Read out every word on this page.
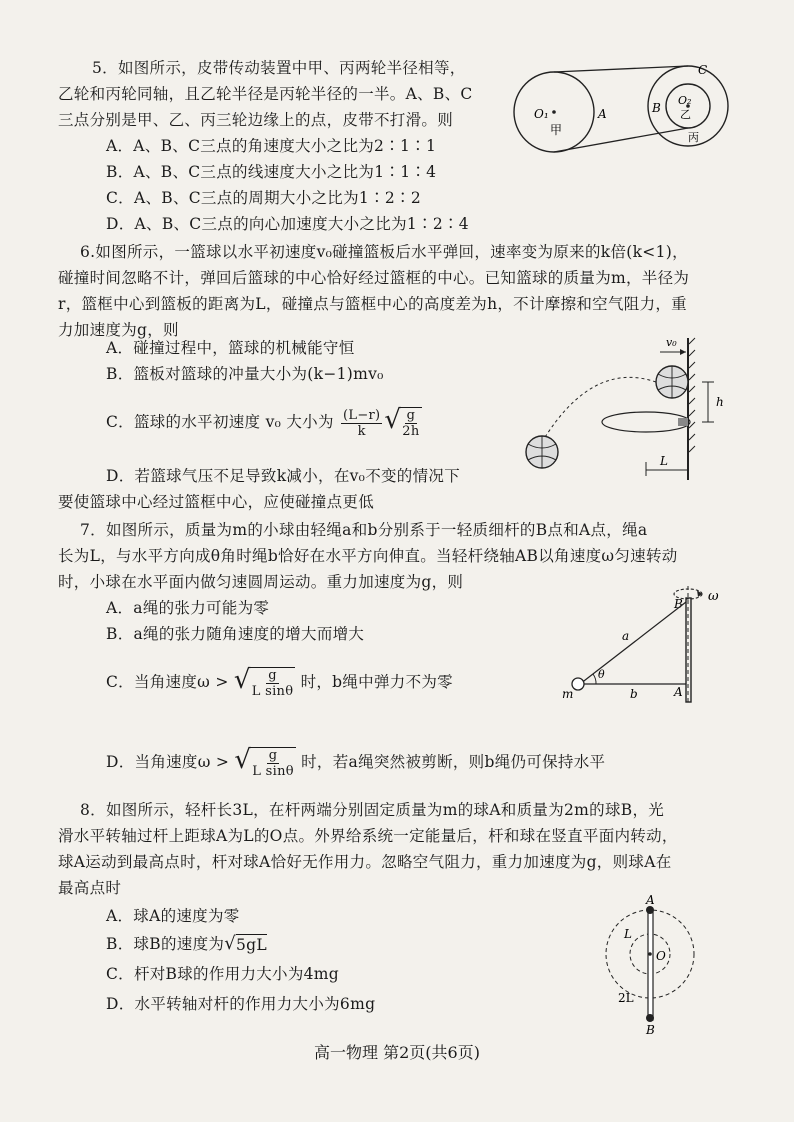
5．如图所示，皮带传动装置中甲、丙两轮半径相等，
乙轮和丙轮同轴，且乙轮半径是丙轮半径的一半。A、B、C
三点分别是甲、乙、丙三轮边缘上的点，皮带不打滑。则
A．A、B、C三点的角速度大小之比为2∶1∶1
B．A、B、C三点的线速度大小之比为1∶1∶4
C．A、B、C三点的周期大小之比为1∶2∶2
D．A、B、C三点的向心加速度大小之比为1∶2∶4
C
O₁
甲
A	B
O₂
乙
丙
6.如图所示，一篮球以水平初速度v₀碰撞篮板后水平弹回，速率变为原来的k倍(k<1)，
碰撞时间忽略不计，弹回后篮球的中心恰好经过篮框的中心。已知篮球的质量为m，半径为
r，篮框中心到篮板的距离为L，碰撞点与篮框中心的高度差为h，不计摩擦和空气阻力，重
力加速度为g，则
A．碰撞过程中，篮球的机械能守恒
B．篮板对篮球的冲量大小为(k−1)mv₀
C．篮球的水平初速度 v₀ 大小为 $\frac{(L-r)}{k}$ √ $\frac{g}{2h}$
D．若篮球气压不足导致k减小，在v₀不变的情况下
要使篮球中心经过篮框中心，应使碰撞点更低
v₀
h
L
7．如图所示，质量为m的小球由轻绳a和b分别系于一轻质细杆的B点和A点，绳a
长为L，与水平方向成θ角时绳b恰好在水平方向伸直。当轻杆绕轴AB以角速度ω匀速转动
时，小球在水平面内做匀速圆周运动。重力加速度为g，则
A．a绳的张力可能为零
B．a绳的张力随角速度的增大而增大
C．当角速度ω > √ $\frac{g}{\text{L sinθ}}$ 时，b绳中弹力不为零
D．当角速度ω > √ $\frac{g}{\text{L sinθ}}$ 时，若a绳突然被剪断，则b绳仍可保持水平
ω
B
a
θ
m	b	A
8．如图所示，轻杆长3L，在杆两端分别固定质量为m的球A和质量为2m的球B，光
滑水平转轴过杆上距球A为L的O点。外界给系统一定能量后，杆和球在竖直平面内转动，
球A运动到最高点时，杆对球A恰好无作用力。忽略空气阻力，重力加速度为g，则球A在
最高点时
A．球A的速度为零
B．球B的速度为 √ 5gL
C．杆对B球的作用力大小为4mg
D．水平转轴对杆的作用力大小为6mg
A
L
O
2L
B
高一物理 第2页(共6页)
